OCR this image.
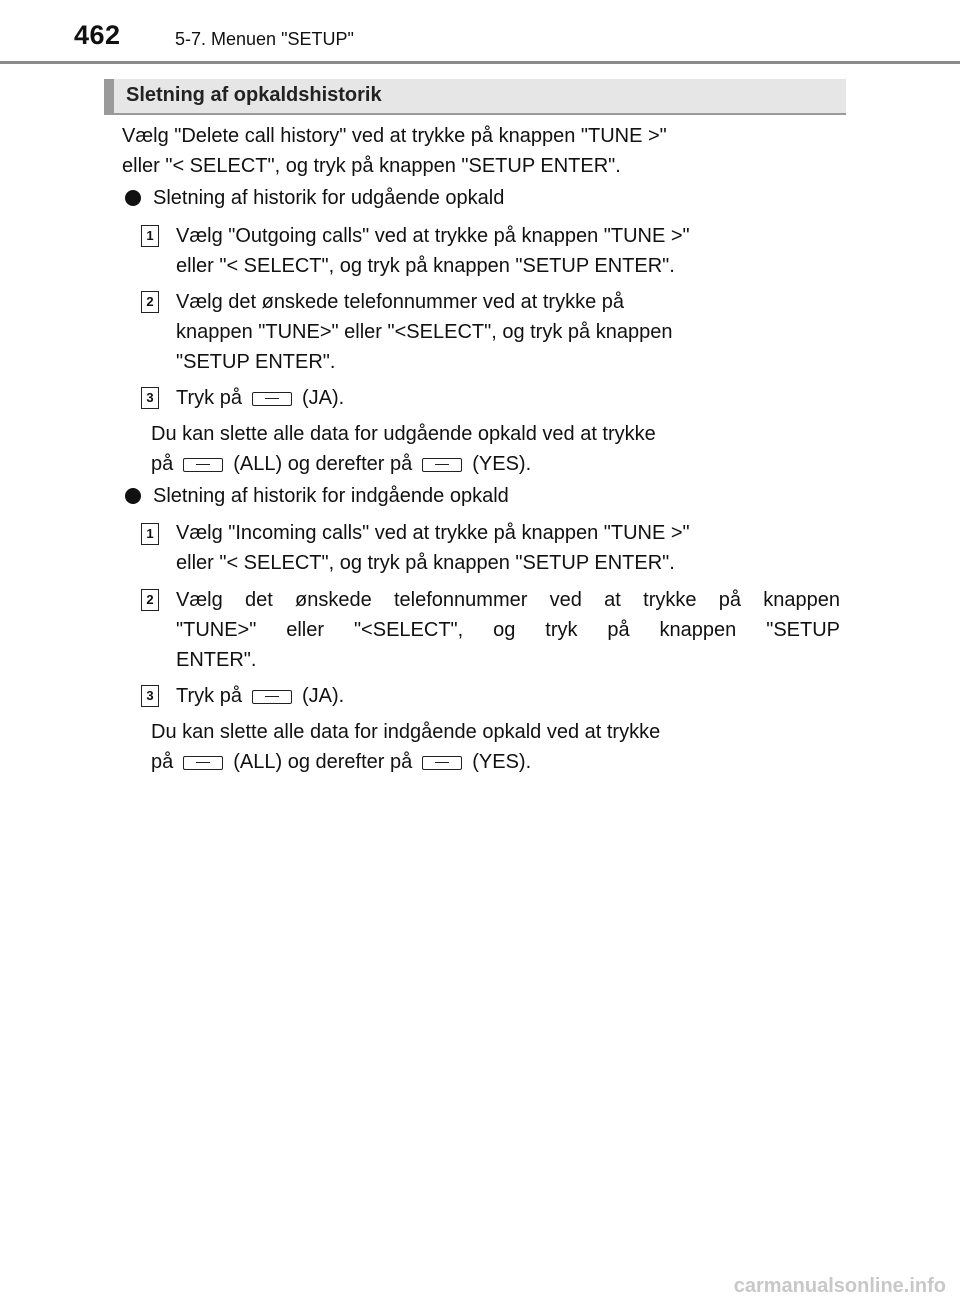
462	5-7. Menuen "SETUP"
Sletning af opkaldshistorik
Vælg "Delete call history" ved at trykke på knappen "TUNE >"
eller "< SELECT", og tryk på knappen "SETUP ENTER".
Sletning af historik for udgående opkald
1 Vælg "Outgoing calls" ved at trykke på knappen "TUNE >"
eller "< SELECT", og tryk på knappen "SETUP ENTER".
2 Vælg det ønskede telefonnummer ved at trykke på
knappen "TUNE>" eller "<SELECT", og tryk på knappen
"SETUP ENTER".
3 Tryk på	(JA).
Du kan slette alle data for udgående opkald ved at trykke
på	(ALL) og derefter på	(YES).
Sletning af historik for indgående opkald
1 Vælg "Incoming calls" ved at trykke på knappen "TUNE >"
eller "< SELECT", og tryk på knappen "SETUP ENTER".
2 Vælg det ønskede telefonnummer ved at trykke på knappen
"TUNE>" eller "<SELECT", og tryk på knappen "SETUP
ENTER".
3 Tryk på	(JA).
Du kan slette alle data for indgående opkald ved at trykke
på	(ALL) og derefter på	(YES).
carmanualsonline.info
